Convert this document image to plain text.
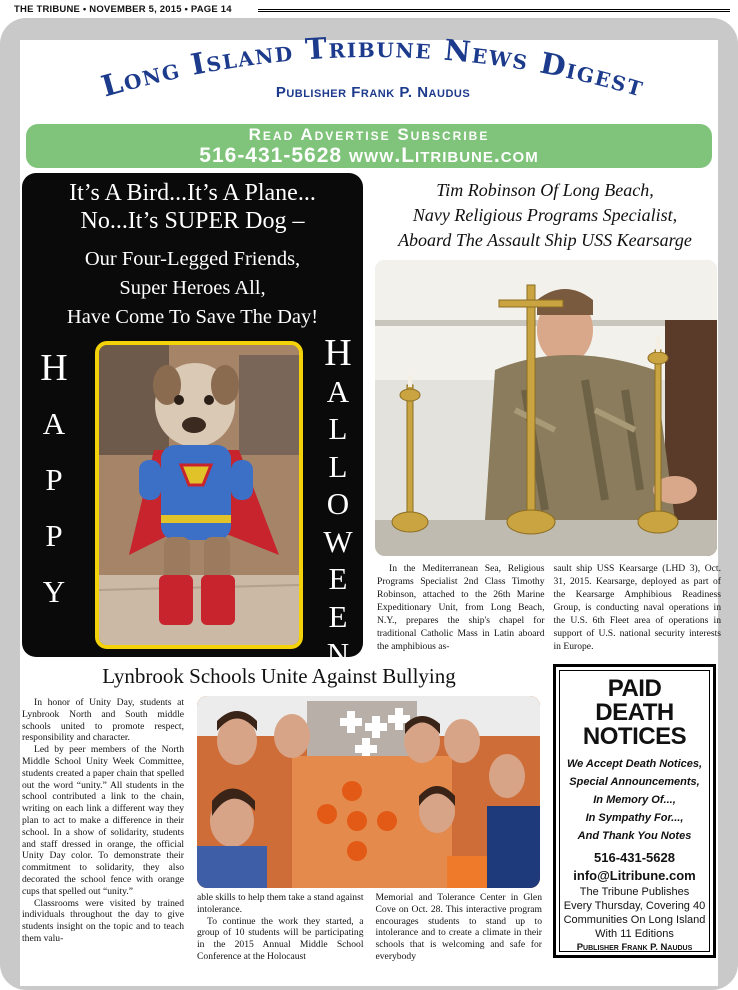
THE TRIBUNE • NOVEMBER 5, 2015 • PAGE 14
Long Island Tribune News Digest
Publisher Frank P. Naudus
Read Advertise Subscribe
516-431-5628 www.Litribune.com
It’s A Bird...It’s A Plane...
No...It’s SUPER Dog –
Our Four-Legged Friends,
Super Heroes All,
Have Come To Save The Day!
H
A
P
P
Y
H
A
L
L
O
W
E
E
N
Tim Robinson Of Long Beach,
Navy Religious Programs Specialist,
Aboard The Assault Ship USS Kearsarge

In the Mediterranean Sea, Religious Programs Specialist 2nd Class Timothy Robinson, attached to the 26th Marine Expeditionary Unit, from Long Beach, N.Y., prepares the ship's chapel for traditional Catholic Mass in Latin aboard the amphibious as-

sault ship USS Kearsarge (LHD 3), Oct. 31, 2015. Kearsarge, deployed as part of the Kearsarge Amphibious Readiness Group, is conducting naval operations in the U.S. 6th Fleet area of operations in support of U.S. national security interests in Europe.

Lynbrook Schools Unite Against Bullying

In honor of Unity Day, students at Lynbrook North and South middle schools united to promote respect, responsibility and character.

Led by peer members of the North Middle School Unity Week Committee, students created a paper chain that spelled out the word “unity.” All students in the school contributed a link to the chain, writing on each link a different way they plan to act to make a difference in their school. In a show of solidarity, students and staff dressed in orange, the official Unity Day color. To demonstrate their commitment to solidarity, they also decorated the school fence with orange cups that spelled out “unity.”

Classrooms were visited by trained individuals throughout the day to give students insight on the topic and to teach them valu-

able skills to help them take a stand against intolerance.
To continue the work they started, a group of 10 students will be participating in the 2015 Annual Middle School Conference at the Holocaust

Memorial and Tolerance Center in Glen Cove on Oct. 28. This interactive program encourages students to stand up to intolerance and to create a climate in their schools that is welcoming and safe for everybody

PAID
DEATH
NOTICES
We Accept Death Notices,
Special Announcements,
In Memory Of...,
In Sympathy For...,
And Thank You Notes
516-431-5628
info@Litribune.com
The Tribune Publishes
Every Thursday, Covering 40
Communities On Long Island
With 11 Editions
Publisher Frank P. Naudus
